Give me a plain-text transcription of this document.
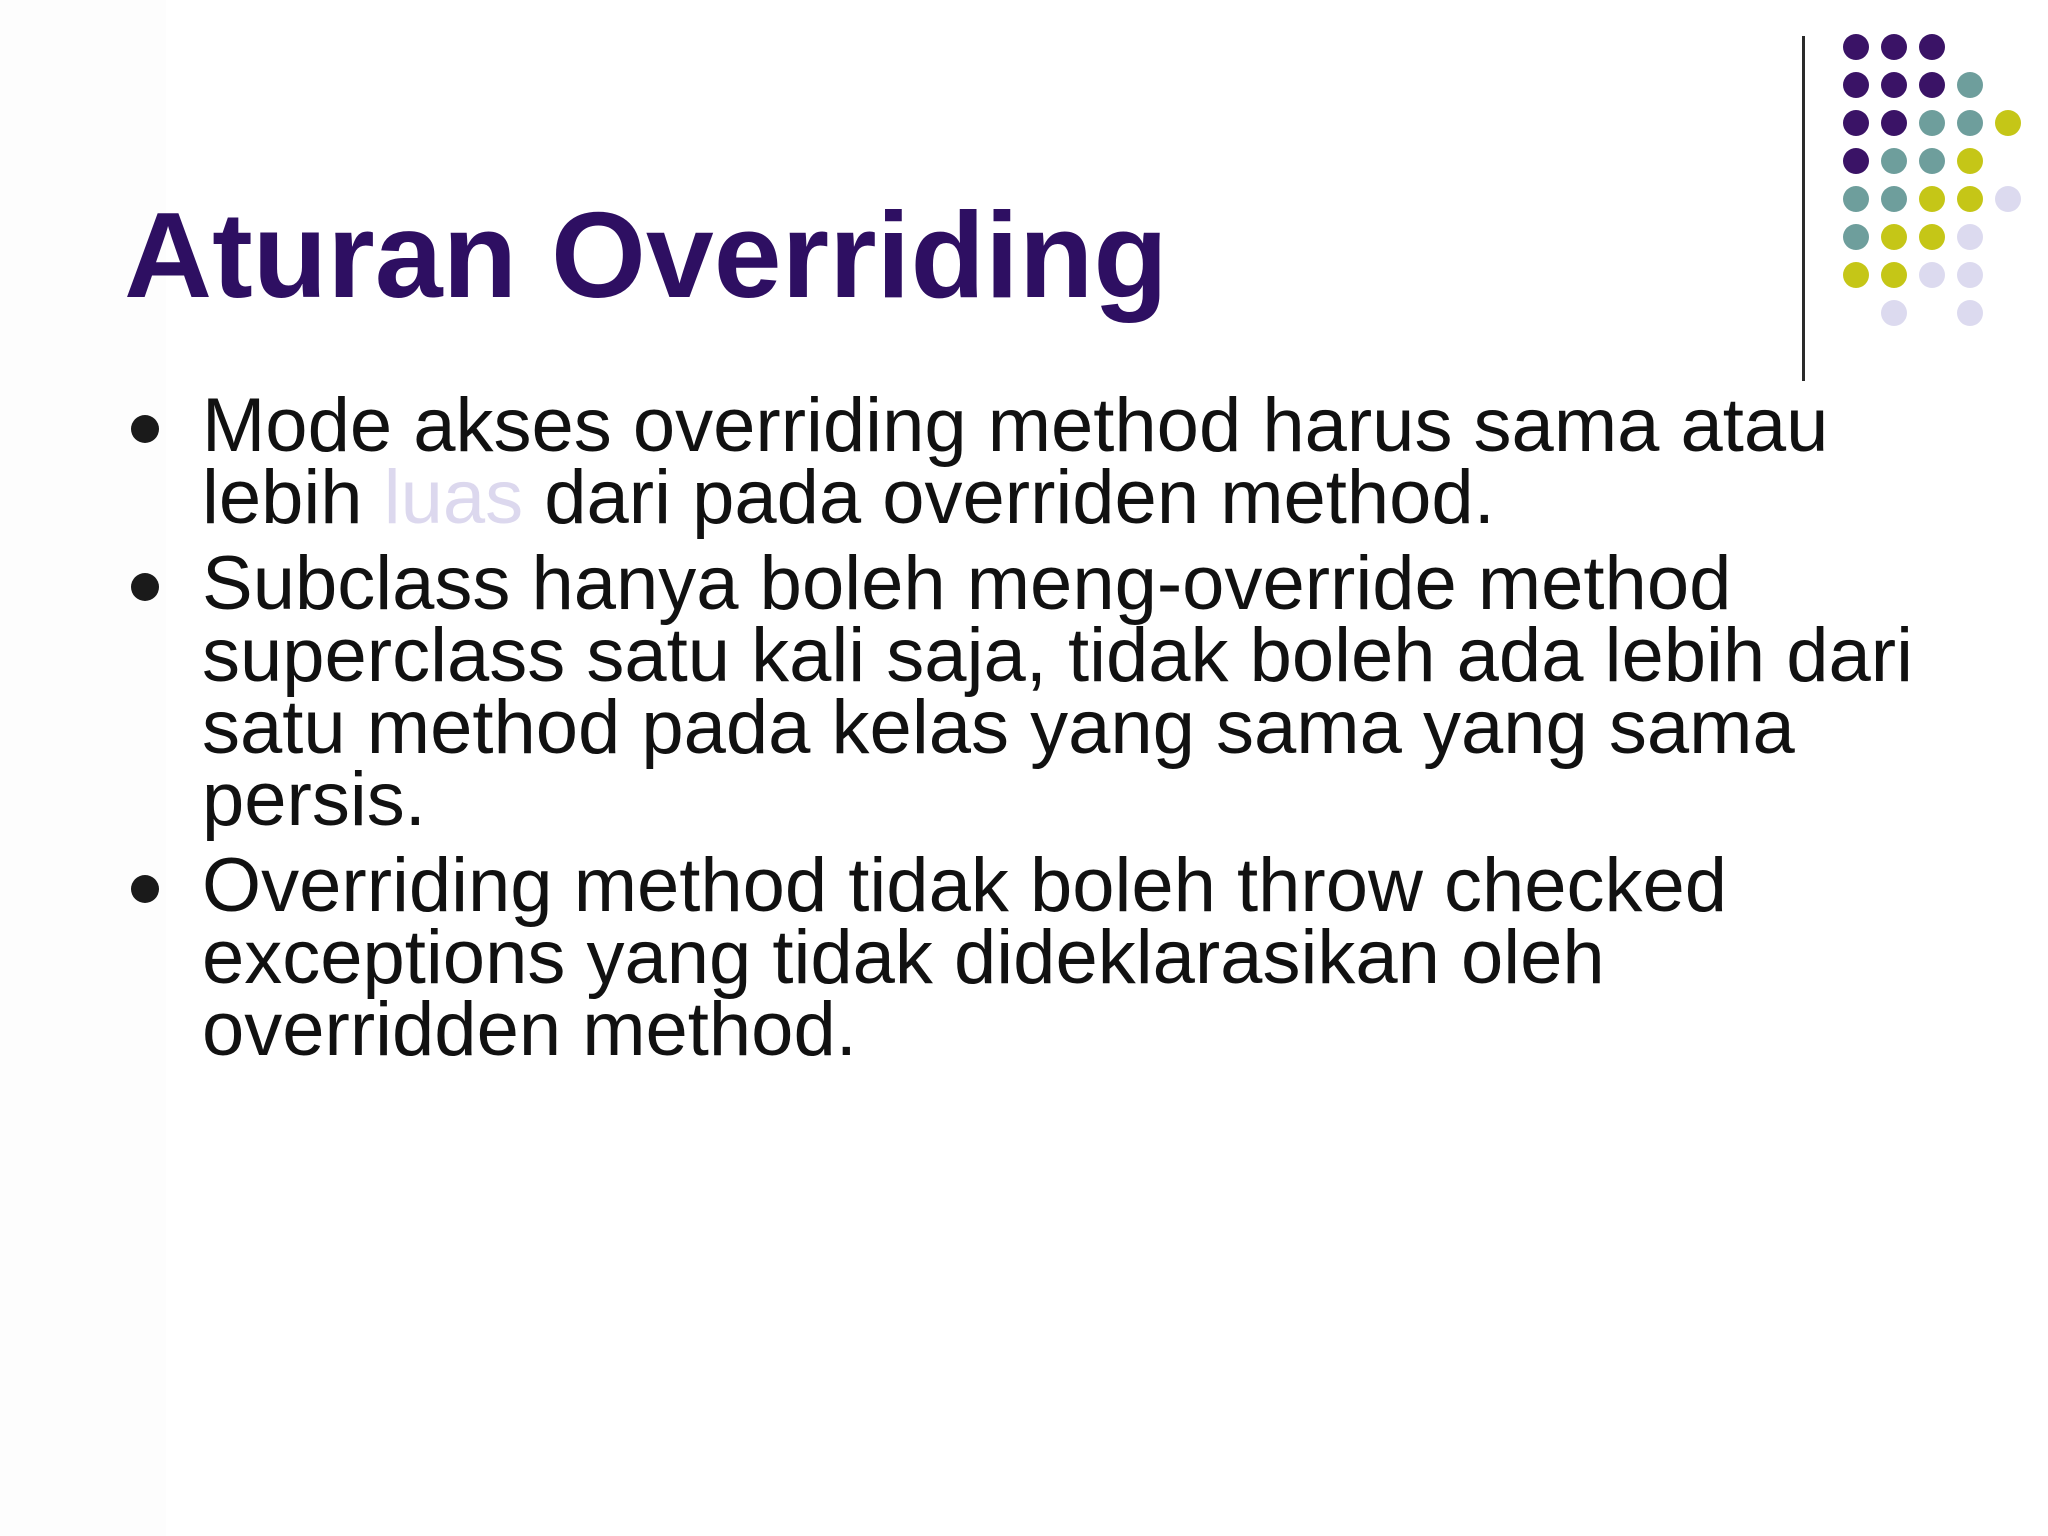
Aturan Overriding
Mode akses overriding method harus sama atau
lebih luas dari pada overriden method.
Subclass hanya boleh meng-override method
superclass satu kali saja, tidak boleh ada lebih dari
satu method pada kelas yang sama yang sama
persis.
Overriding method tidak boleh throw checked
exceptions yang tidak dideklarasikan oleh
overridden method.
